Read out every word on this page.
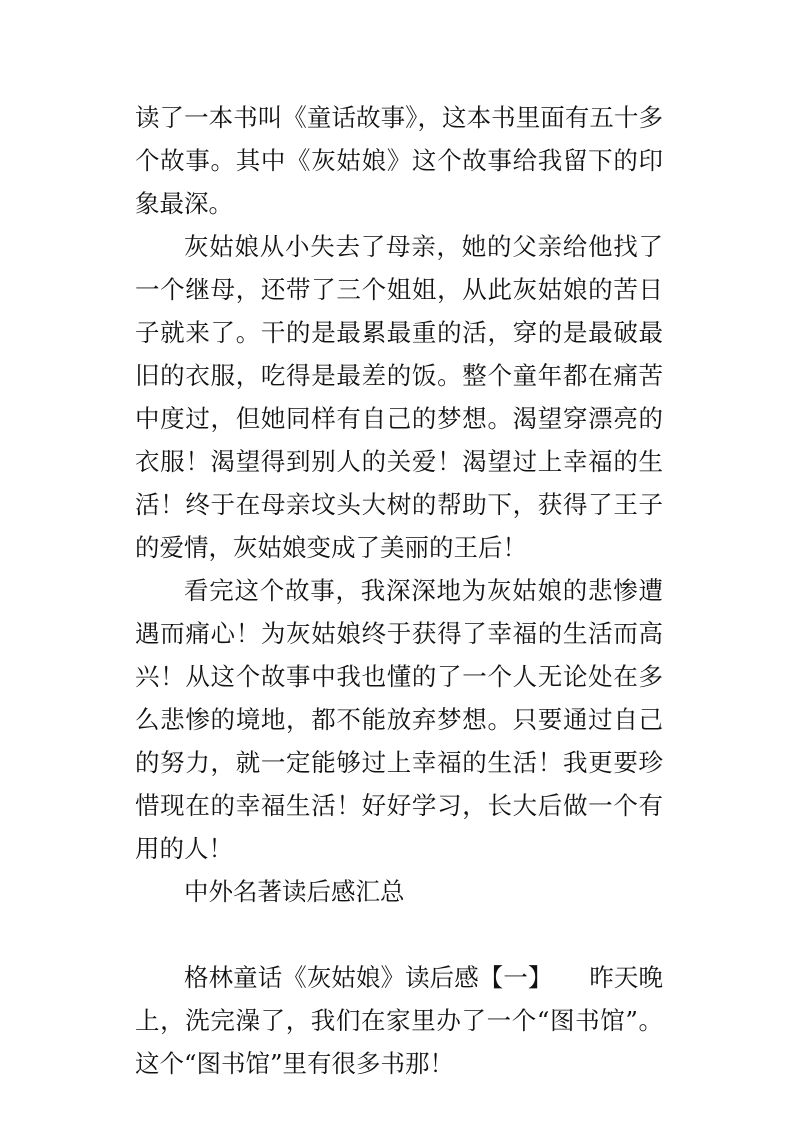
读了一本书叫《童话故事》，这本书里面有五十多个故事。其中《灰姑娘》这个故事给我留下的印象最深。

灰姑娘从小失去了母亲，她的父亲给他找了一个继母，还带了三个姐姐，从此灰姑娘的苦日子就来了。干的是最累最重的活，穿的是最破最旧的衣服，吃得是最差的饭。整个童年都在痛苦中度过，但她同样有自己的梦想。渴望穿漂亮的衣服！渴望得到别人的关爱！渴望过上幸福的生活！终于在母亲坟头大树的帮助下，获得了王子的爱情，灰姑娘变成了美丽的王后！

看完这个故事，我深深地为灰姑娘的悲惨遭遇而痛心！为灰姑娘终于获得了幸福的生活而高兴！从这个故事中我也懂的了一个人无论处在多么悲惨的境地，都不能放弃梦想。只要通过自己的努力，就一定能够过上幸福的生活！我更要珍惜现在的幸福生活！好好学习，长大后做一个有用的人！

中外名著读后感汇总

格林童话《灰姑娘》读后感【一】　　昨天晚上，洗完澡了，我们在家里办了一个“图书馆”。这个“图书馆”里有很多书那！
